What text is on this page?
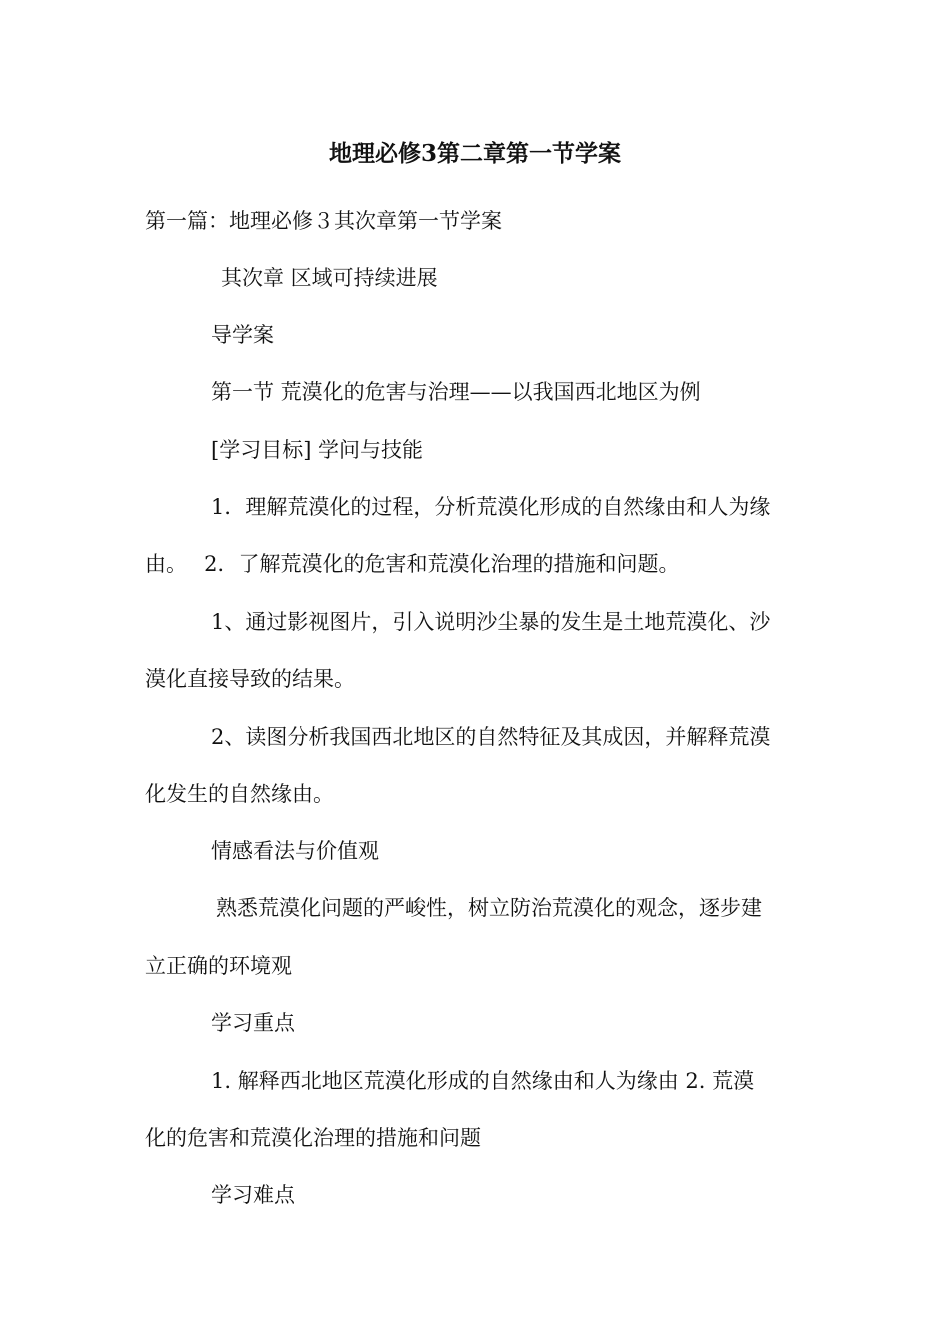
地理必修3第二章第一节学案

第一篇：地理必修３其次章第一节学案

其次章 区域可持续进展

导学案

第一节 荒漠化的危害与治理——以我国西北地区为例

[学习目标] 学问与技能

1．理解荒漠化的过程，分析荒漠化形成的自然缘由和人为缘

由。　 2．了解荒漠化的危害和荒漠化治理的措施和问题。

1、通过影视图片，引入说明沙尘暴的发生是土地荒漠化、沙

漠化直接导致的结果。

2、读图分析我国西北地区的自然特征及其成因，并解释荒漠

化发生的自然缘由。

情感看法与价值观

熟悉荒漠化问题的严峻性，树立防治荒漠化的观念，逐步建

立正确的环境观

学习重点

1. 解释西北地区荒漠化形成的自然缘由和人为缘由 2. 荒漠

化的危害和荒漠化治理的措施和问题

学习难点
